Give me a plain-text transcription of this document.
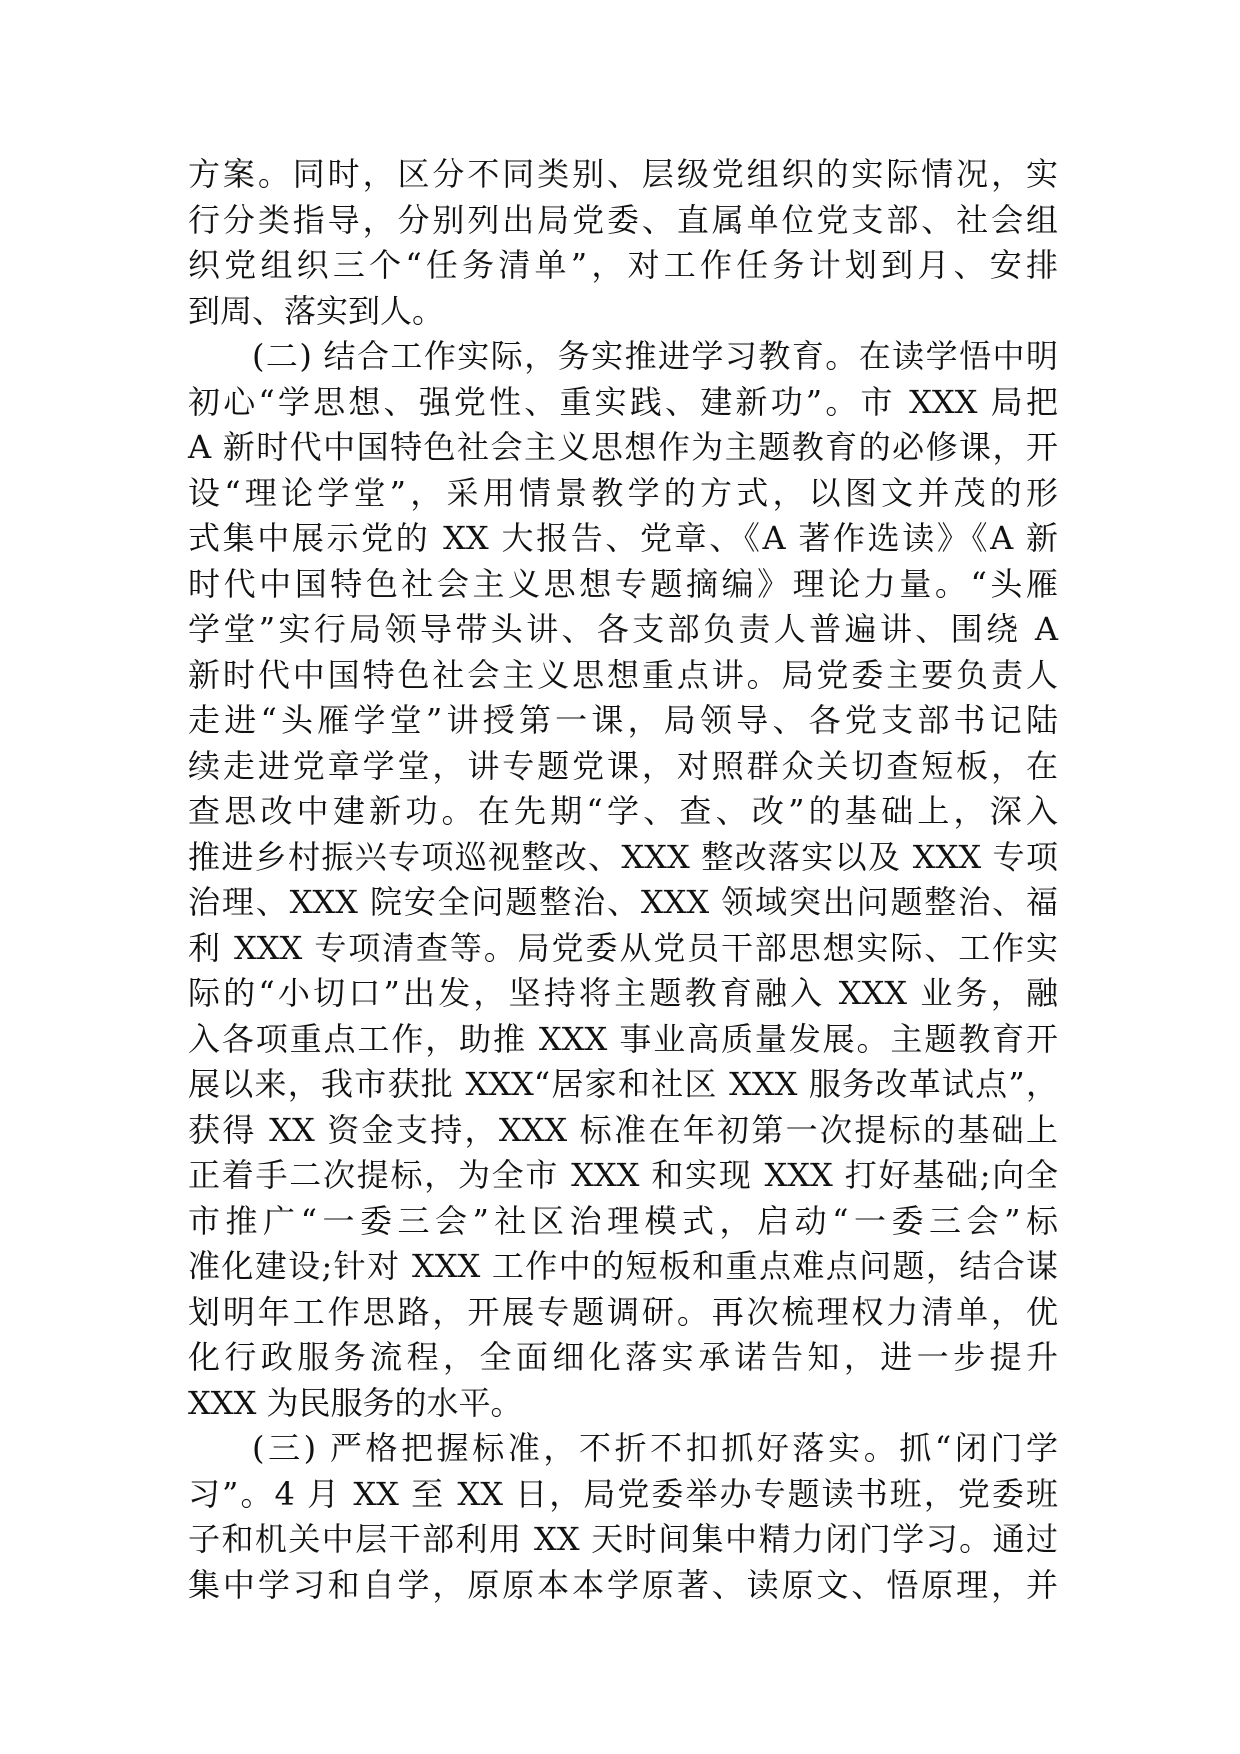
方案。同时，区分不同类别、层级党组织的实际情况，实
行分类指导，分别列出局党委、直属单位党支部、社会组
织党组织三个“任务清单”，对工作任务计划到月、安排
到周、落实到人。
(二) 结合工作实际，务实推进学习教育。在读学悟中明
初心“学思想、强党性、重实践、建新功”。市 XXX 局把
A 新时代中国特色社会主义思想作为主题教育的必修课，开
设“理论学堂”，采用情景教学的方式，以图文并茂的形
式集中展示党的 XX 大报告、党章、《A 著作选读》《A 新
时代中国特色社会主义思想专题摘编》理论力量。“头雁
学堂”实行局领导带头讲、各支部负责人普遍讲、围绕 A
新时代中国特色社会主义思想重点讲。局党委主要负责人
走进“头雁学堂”讲授第一课，局领导、各党支部书记陆
续走进党章学堂，讲专题党课，对照群众关切查短板，在
查思改中建新功。在先期“学、查、改”的基础上，深入
推进乡村振兴专项巡视整改、XXX 整改落实以及 XXX 专项
治理、XXX 院安全问题整治、XXX 领域突出问题整治、福
利 XXX 专项清查等。局党委从党员干部思想实际、工作实
际的“小切口”出发，坚持将主题教育融入 XXX 业务，融
入各项重点工作，助推 XXX 事业高质量发展。主题教育开
展以来，我市获批 XXX“居家和社区 XXX 服务改革试点”，
获得 XX 资金支持，XXX 标准在年初第一次提标的基础上
正着手二次提标，为全市 XXX 和实现 XXX 打好基础;向全
市推广“一委三会”社区治理模式，启动“一委三会”标
准化建设;针对 XXX 工作中的短板和重点难点问题，结合谋
划明年工作思路，开展专题调研。再次梳理权力清单，优
化行政服务流程，全面细化落实承诺告知，进一步提升
XXX 为民服务的水平。
(三) 严格把握标准，不折不扣抓好落实。抓“闭门学
习”。4 月 XX 至 XX 日，局党委举办专题读书班，党委班
子和机关中层干部利用 XX 天时间集中精力闭门学习。通过
集中学习和自学，原原本本学原著、读原文、悟原理，并
